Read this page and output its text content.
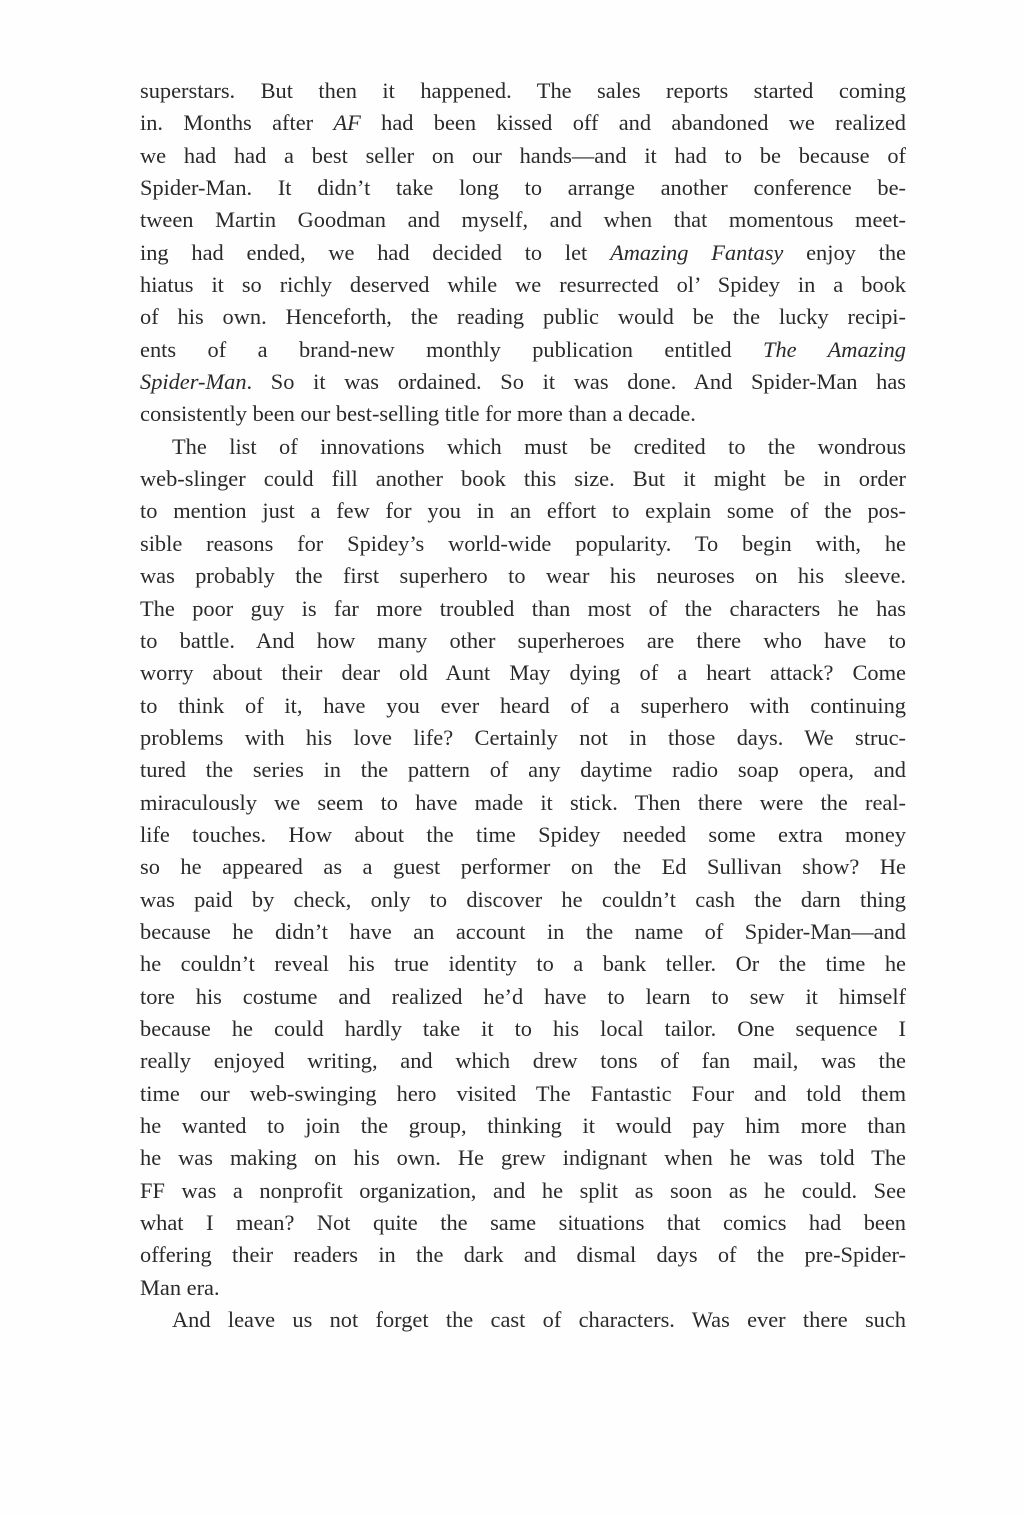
superstars. But then it happened. The sales reports started coming
in. Months after AF had been kissed off and abandoned we realized
we had had a best seller on our hands—and it had to be because of
Spider-Man. It didn’t take long to arrange another conference be-
tween Martin Goodman and myself, and when that momentous meet-
ing had ended, we had decided to let Amazing Fantasy enjoy the
hiatus it so richly deserved while we resurrected ol’ Spidey in a book
of his own. Henceforth, the reading public would be the lucky recipi-
ents of a brand-new monthly publication entitled The Amazing
Spider-Man. So it was ordained. So it was done. And Spider-Man has
consistently been our best-selling title for more than a decade.
The list of innovations which must be credited to the wondrous
web-slinger could fill another book this size. But it might be in order
to mention just a few for you in an effort to explain some of the pos-
sible reasons for Spidey’s world-wide popularity. To begin with, he
was probably the first superhero to wear his neuroses on his sleeve.
The poor guy is far more troubled than most of the characters he has
to battle. And how many other superheroes are there who have to
worry about their dear old Aunt May dying of a heart attack? Come
to think of it, have you ever heard of a superhero with continuing
problems with his love life? Certainly not in those days. We struc-
tured the series in the pattern of any daytime radio soap opera, and
miraculously we seem to have made it stick. Then there were the real-
life touches. How about the time Spidey needed some extra money
so he appeared as a guest performer on the Ed Sullivan show? He
was paid by check, only to discover he couldn’t cash the darn thing
because he didn’t have an account in the name of Spider-Man—and
he couldn’t reveal his true identity to a bank teller. Or the time he
tore his costume and realized he’d have to learn to sew it himself
because he could hardly take it to his local tailor. One sequence I
really enjoyed writing, and which drew tons of fan mail, was the
time our web-swinging hero visited The Fantastic Four and told them
he wanted to join the group, thinking it would pay him more than
he was making on his own. He grew indignant when he was told The
FF was a nonprofit organization, and he split as soon as he could. See
what I mean? Not quite the same situations that comics had been
offering their readers in the dark and dismal days of the pre-Spider-
Man era.
And leave us not forget the cast of characters. Was ever there such
